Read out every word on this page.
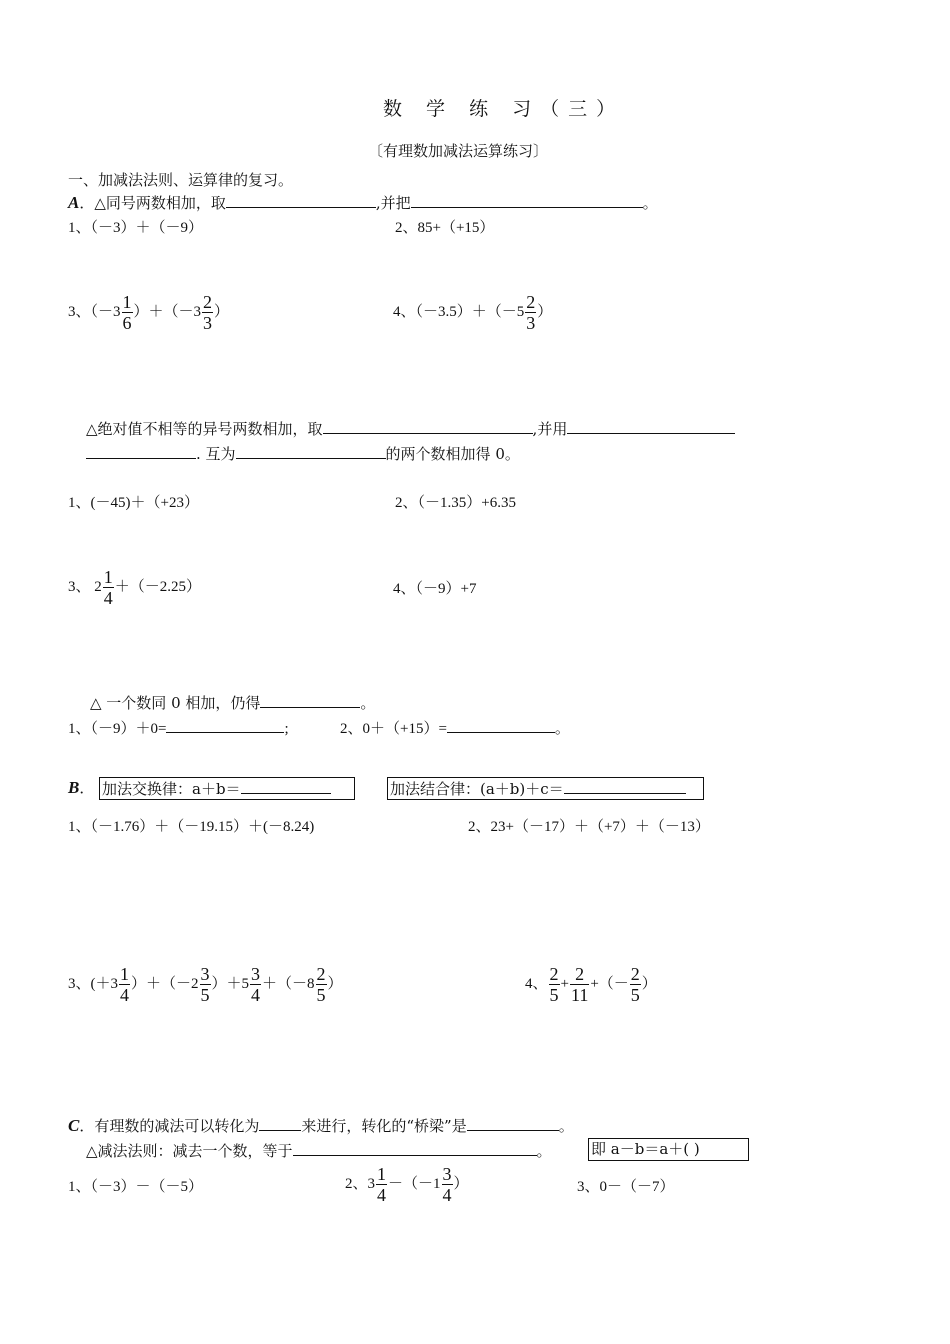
数 学 练 习（三）
〔有理数加减法运算练习〕
一、加减法法则、运算律的复习。
A．△同号两数相加，取	,并把	。
1、（－3）＋（－9）	2、85+（+15）
3、$(-3 \frac{1}{6} )+(-3 \frac{2}{3}$ ）	4、$(-3.5)+(-5 \frac{2}{3}$ ）
△绝对值不相等的异号两数相加，取	,并用
. 互为	的两个数相加得 0。
1、(－45)＋（+23）	2、（－1.35）+6.35
3、 $2 \frac{1}{4} +(-2.25)$	4、（－9）+7
△ 一个数同 0 相加，仍得	。
1、（－9）＋0=	;	2、0＋（+15）=	。
B． 加法交换律：a＋b＝	加法结合律：(a＋b)＋c＝
1、（－1.76）＋（－19.15）＋(－8.24)	2、23+（－17）＋（+7）＋（－13）
3、$(+3 \frac{1}{4} )+(-2 \frac{3}{5} )+5 \frac{3}{4} +(-8 \frac{2}{5}$ ）	4、 $\frac{2}{5} + \frac{2}{11}$ +（－ $\frac{2}{5}$ ）
C．有理数的减法可以转化为	来进行，转化的“桥梁”是	。
△减法法则：减去一个数，等于	。	即 a－b＝a＋( )
1、（－3）－（－5）	2、$3 \frac{1}{4} -(-1 \frac{3}{4}$ ）	3、0－（－7）
